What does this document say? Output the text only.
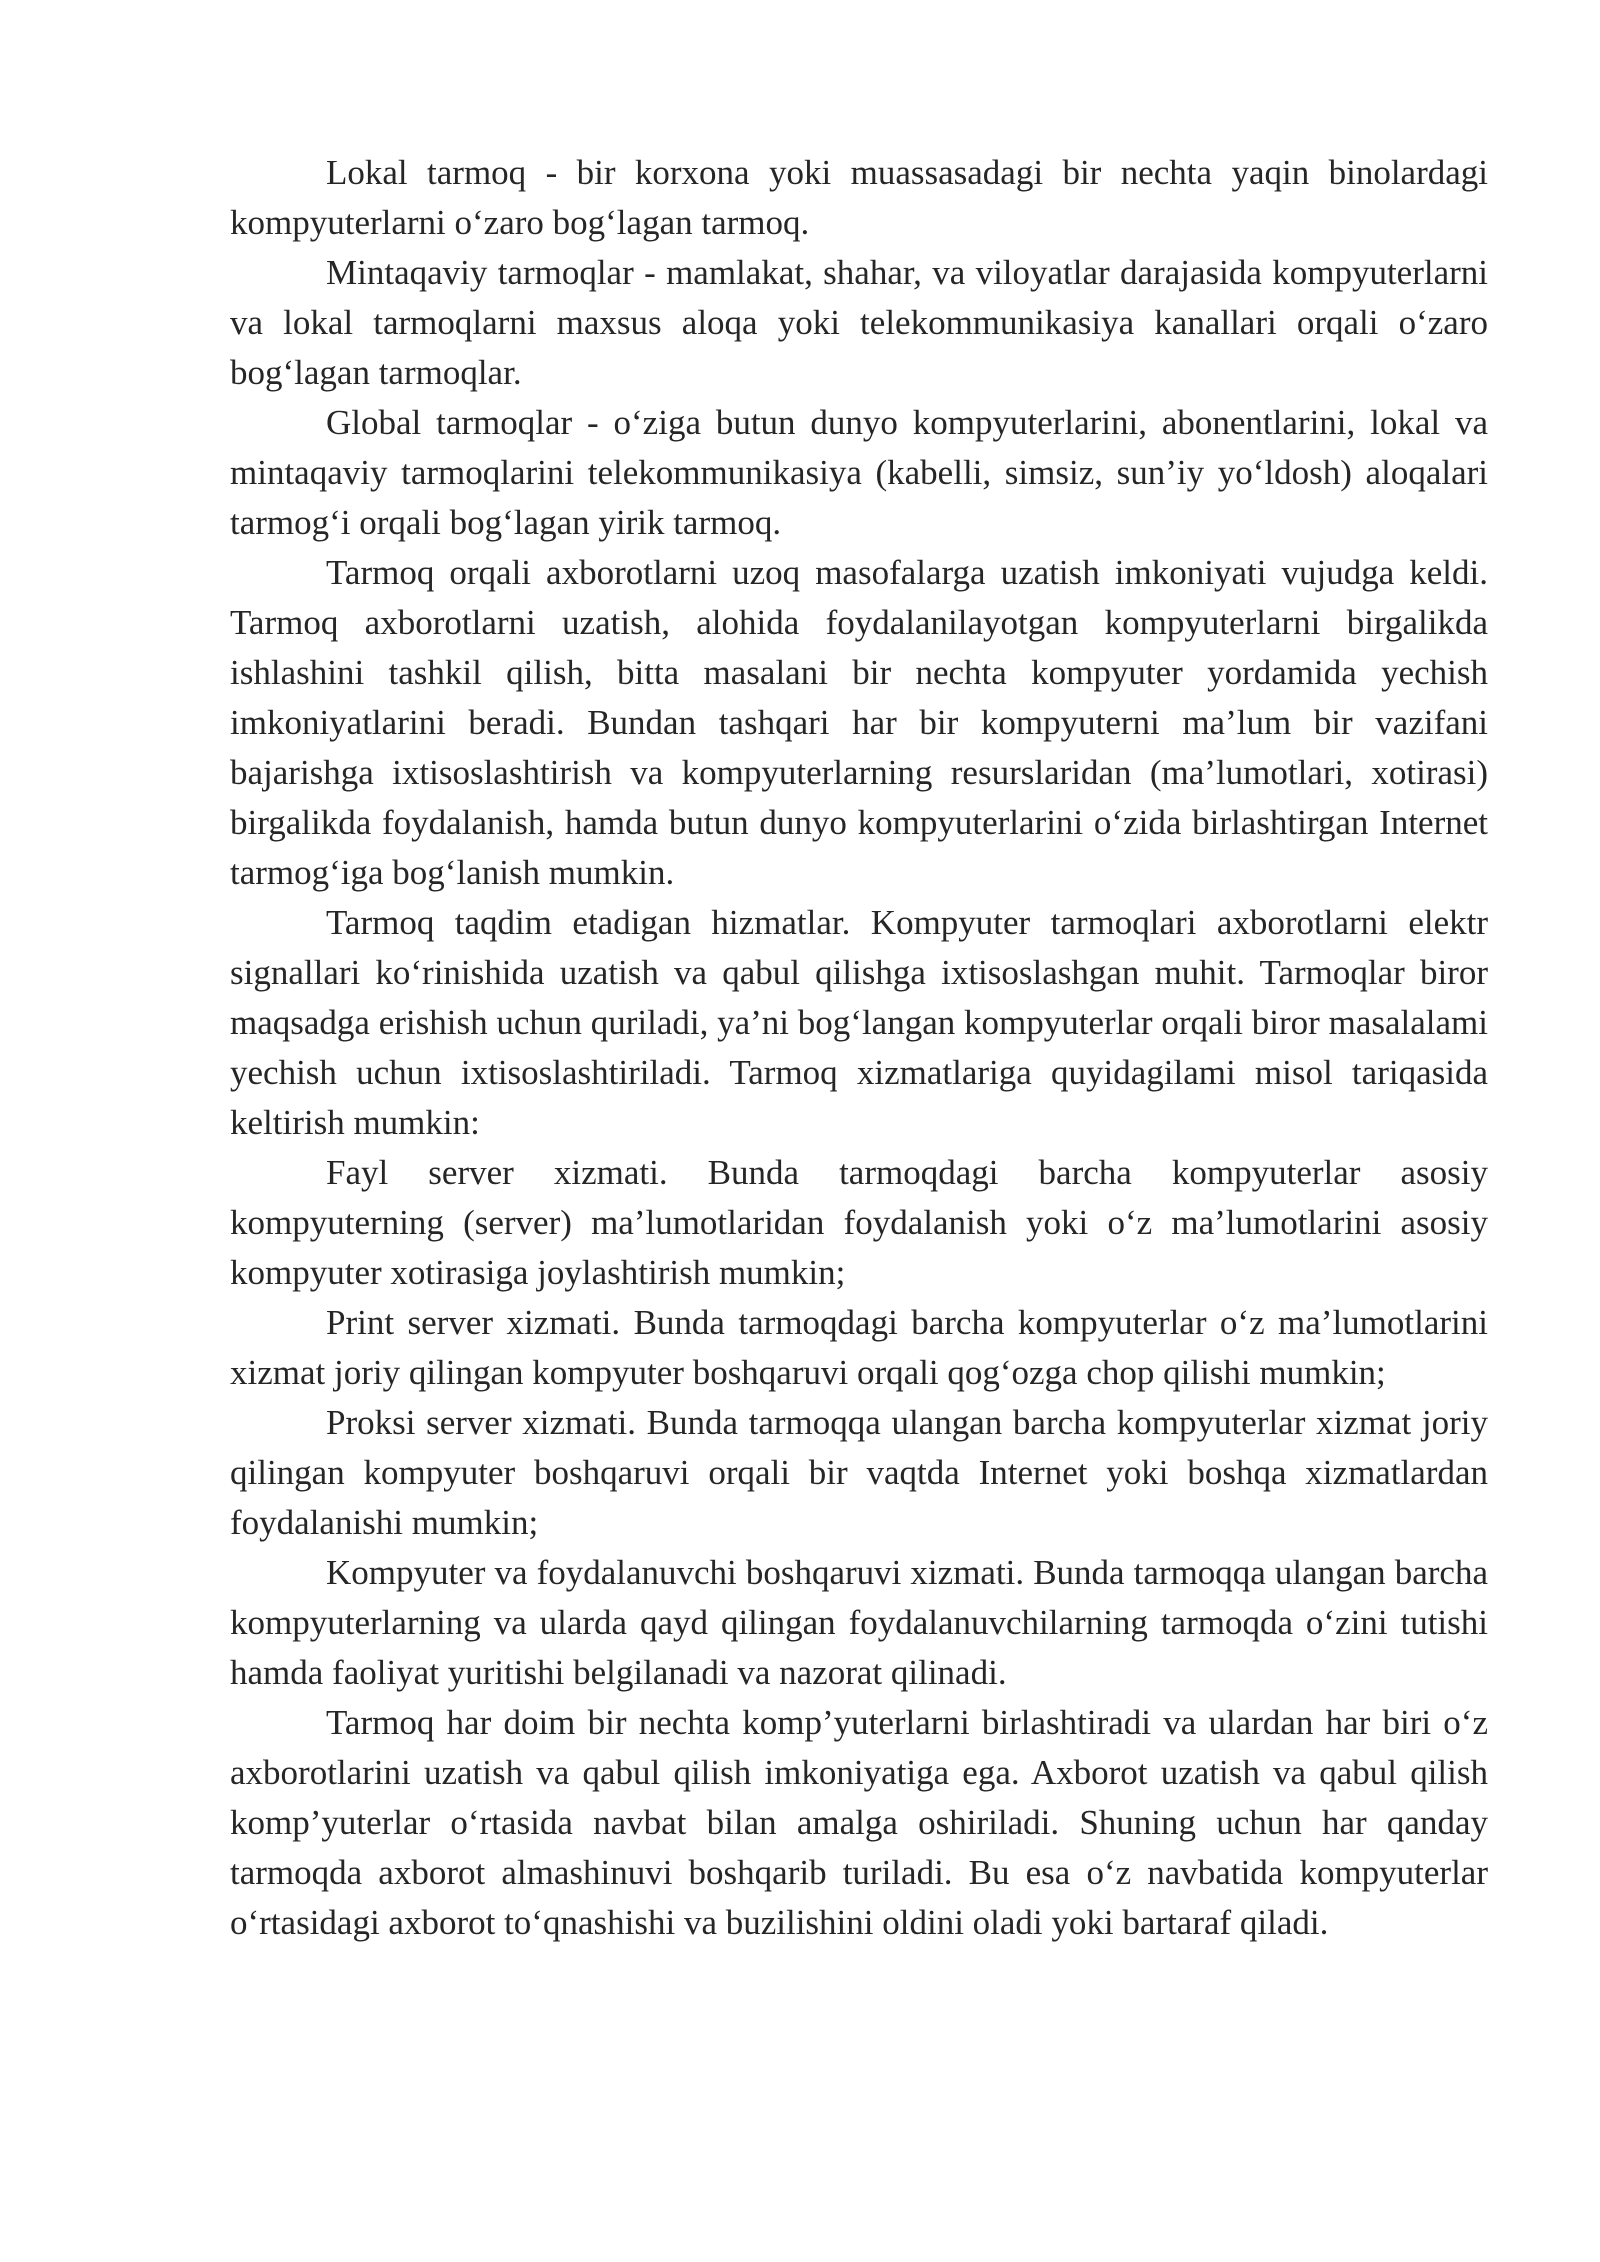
Lokal tarmoq - bir korxona yoki muassasadagi bir nechta yaqin binolardagi kompyuterlarni o‘zaro bog‘lagan tarmoq.

Mintaqaviy tarmoqlar - mamlakat, shahar, va viloyatlar darajasida kompyuterlarni va lokal tarmoqlarni maxsus aloqa yoki telekommunikasiya kanallari orqali o‘zaro bog‘lagan tarmoqlar.

Global tarmoqlar - o‘ziga butun dunyo kompyuterlarini, abonentlarini, lokal va mintaqaviy tarmoqlarini telekommunikasiya (kabelli, simsiz, sun’iy yo‘ldosh) aloqalari tarmog‘i orqali bog‘lagan yirik tarmoq.

Tarmoq orqali axborotlarni uzoq masofalarga uzatish imkoniyati vujudga keldi. Tarmoq axborotlarni uzatish, alohida foydalanilayotgan kompyuterlarni birgalikda ishlashini tashkil qilish, bitta masalani bir nechta kompyuter yordamida yechish imkoniyatlarini beradi. Bundan tashqari har bir kompyuterni ma’lum bir vazifani bajarishga ixtisoslashtirish va kompyuterlarning resurslaridan (ma’lumotlari, xotirasi) birgalikda foydalanish, hamda butun dunyo kompyuterlarini o‘zida birlashtirgan Internet tarmog‘iga bog‘lanish mumkin.

Tarmoq taqdim etadigan hizmatlar. Kompyuter tarmoqlari axborotlarni elektr signallari ko‘rinishida uzatish va qabul qilishga ixtisoslashgan muhit. Tarmoqlar biror maqsadga erishish uchun quriladi, ya’ni bog‘langan kompyuterlar orqali biror masalalami yechish uchun ixtisoslashtiriladi. Tarmoq xizmatlariga quyidagilami misol tariqasida keltirish mumkin:

Fayl server xizmati. Bunda tarmoqdagi barcha kompyuterlar asosiy kompyuterning (server) ma’lumotlaridan foydalanish yoki o‘z ma’lumotlarini asosiy kompyuter xotirasiga joylashtirish mumkin;

Print server xizmati. Bunda tarmoqdagi barcha kompyuterlar o‘z ma’lumotlarini xizmat joriy qilingan kompyuter boshqaruvi orqali qog‘ozga chop qilishi mumkin;

Proksi server xizmati. Bunda tarmoqqa ulangan barcha kompyuterlar xizmat joriy qilingan kompyuter boshqaruvi orqali bir vaqtda Internet yoki boshqa xizmatlardan foydalanishi mumkin;

Kompyuter va foydalanuvchi boshqaruvi xizmati. Bunda tarmoqqa ulangan barcha kompyuterlarning va ularda qayd qilingan foydalanuvchilarning tarmoqda o‘zini tutishi hamda faoliyat yuritishi belgilanadi va nazorat qilinadi.

Tarmoq har doim bir nechta komp’yuterlarni birlashtiradi va ulardan har biri o‘z axborotlarini uzatish va qabul qilish imkoniyatiga ega. Axborot uzatish va qabul qilish komp’yuterlar o‘rtasida navbat bilan amalga oshiriladi. Shuning uchun har qanday tarmoqda axborot almashinuvi boshqarib turiladi. Bu esa o‘z navbatida kompyuterlar o‘rtasidagi axborot to‘qnashishi va buzilishini oldini oladi yoki bartaraf qiladi.
